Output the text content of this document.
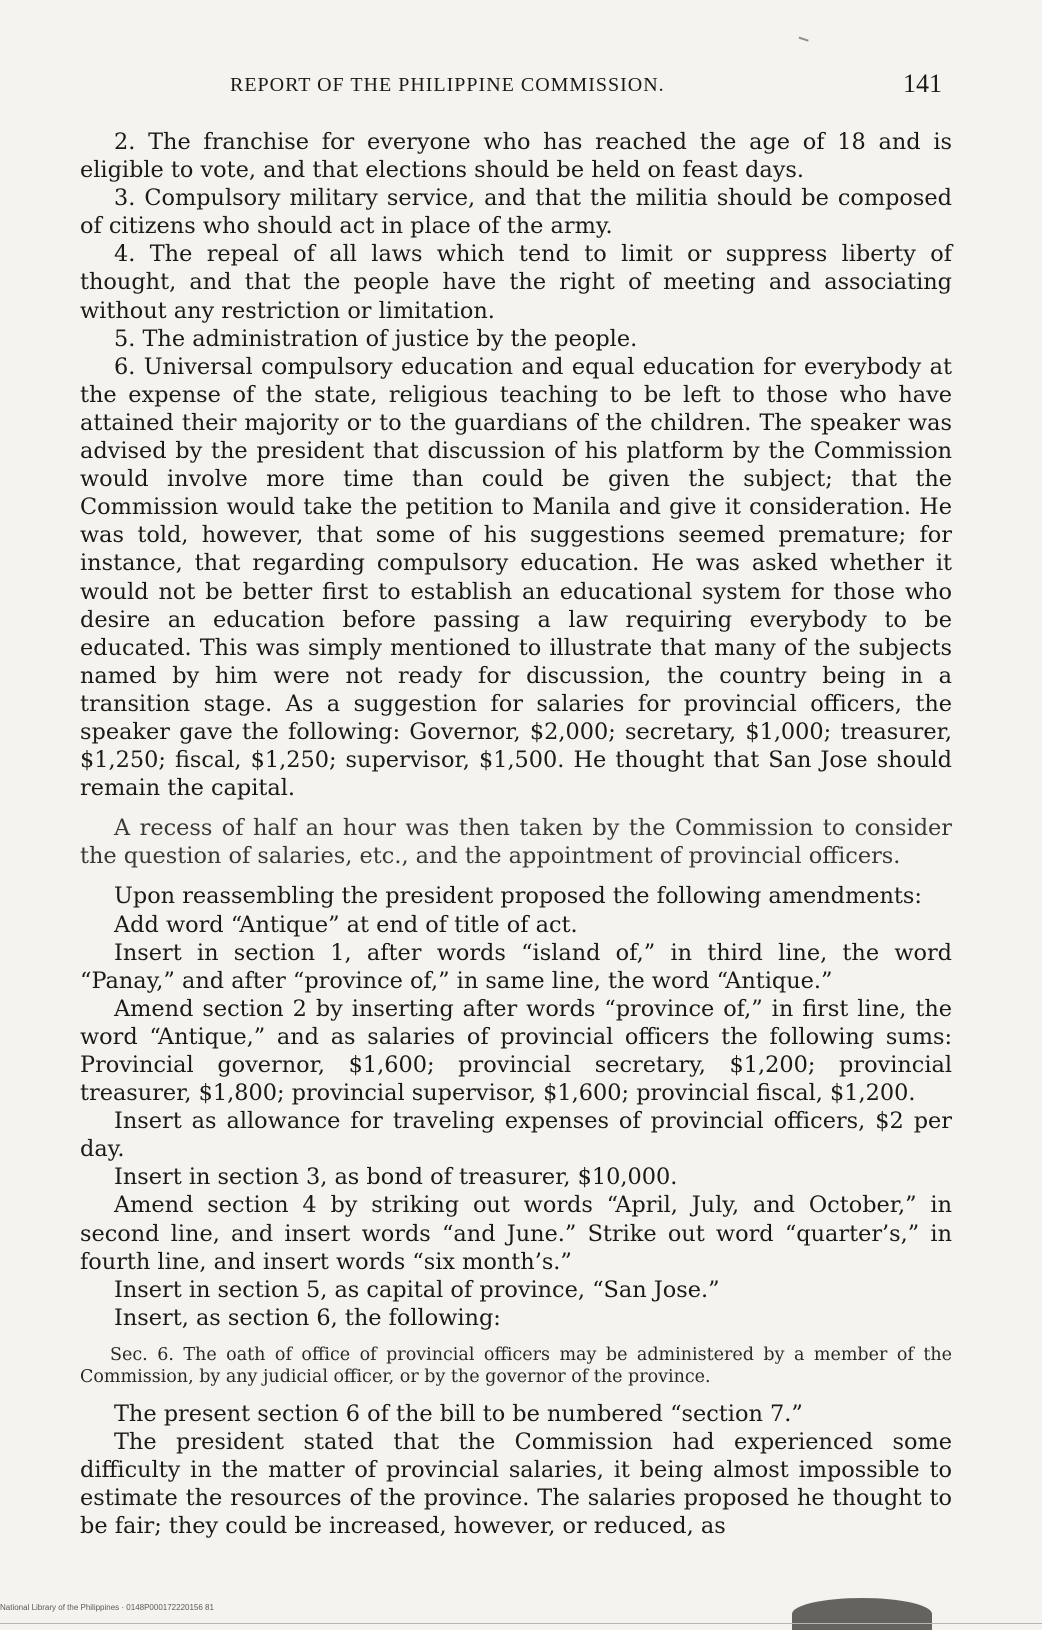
REPORT OF THE PHILIPPINE COMMISSION.	141

2. The franchise for everyone who has reached the age of 18 and is eligible to vote, and that elections should be held on feast days.

3. Compulsory military service, and that the militia should be composed of citizens who should act in place of the army.

4. The repeal of all laws which tend to limit or suppress liberty of thought, and that the people have the right of meeting and associating without any restriction or limitation.

5. The administration of justice by the people.

6. Universal compulsory education and equal education for everybody at the expense of the state, religious teaching to be left to those who have attained their majority or to the guardians of the children. The speaker was advised by the president that discussion of his platform by the Commission would involve more time than could be given the subject; that the Commission would take the petition to Manila and give it consideration. He was told, however, that some of his suggestions seemed premature; for instance, that regarding compulsory education. He was asked whether it would not be better first to establish an educational system for those who desire an education before passing a law requiring everybody to be educated. This was simply mentioned to illustrate that many of the subjects named by him were not ready for discussion, the country being in a transition stage. As a suggestion for salaries for provincial officers, the speaker gave the following: Governor, $2,000; secretary, $1,000; treasurer, $1,250; fiscal, $1,250; supervisor, $1,500. He thought that San Jose should remain the capital.

A recess of half an hour was then taken by the Commission to consider the question of salaries, etc., and the appointment of provincial officers.

Upon reassembling the president proposed the following amendments:

Add word “Antique” at end of title of act.

Insert in section 1, after words “island of,” in third line, the word “Panay,” and after “province of,” in same line, the word “Antique.”

Amend section 2 by inserting after words “province of,” in first line, the word “Antique,” and as salaries of provincial officers the following sums: Provincial governor, $1,600; provincial secretary, $1,200; provincial treasurer, $1,800; provincial supervisor, $1,600; provincial fiscal, $1,200.

Insert as allowance for traveling expenses of provincial officers, $2 per day.

Insert in section 3, as bond of treasurer, $10,000.

Amend section 4 by striking out words “April, July, and October,” in second line, and insert words “and June.” Strike out word “quarter’s,” in fourth line, and insert words “six month’s.”

Insert in section 5, as capital of province, “San Jose.”

Insert, as section 6, the following:

Sec. 6. The oath of office of provincial officers may be administered by a member of the Commission, by any judicial officer, or by the governor of the province.

The present section 6 of the bill to be numbered “section 7.”

The president stated that the Commission had experienced some difficulty in the matter of provincial salaries, it being almost impossible to estimate the resources of the province. The salaries proposed he thought to be fair; they could be increased, however, or reduced, as

National Library of the Philippines · 0148P000172220156 81
